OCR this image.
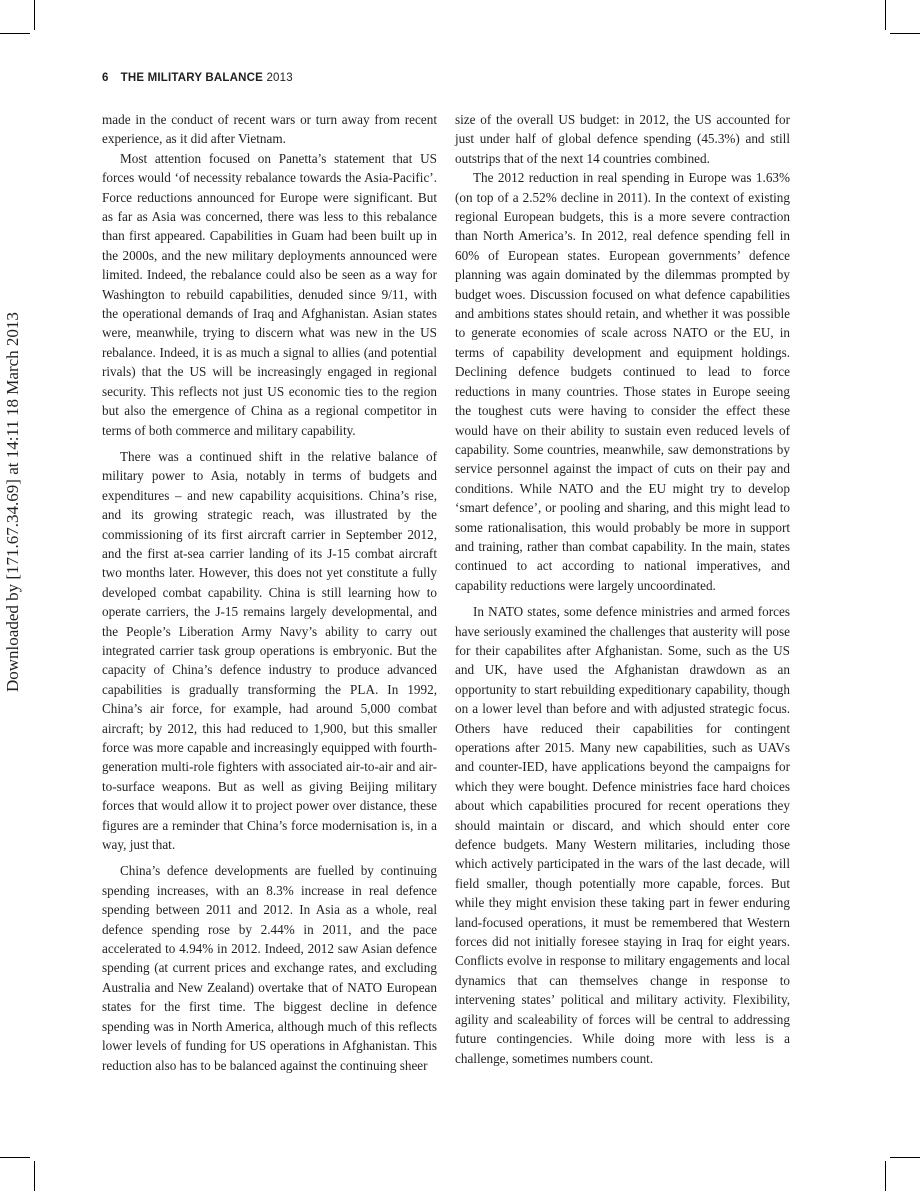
6 THE MILITARY BALANCE 2013
Downloaded by [171.67.34.69] at 14:11 18 March 2013

made in the conduct of recent wars or turn away from recent experience, as it did after Vietnam.

Most attention focused on Panetta’s statement that US forces would ‘of necessity rebalance towards the Asia-Pacific’. Force reductions announced for Europe were significant. But as far as Asia was concerned, there was less to this rebalance than first appeared. Capabilities in Guam had been built up in the 2000s, and the new military deployments announced were limited. Indeed, the rebalance could also be seen as a way for Washington to rebuild capabilities, denuded since 9/11, with the operational demands of Iraq and Afghanistan. Asian states were, meanwhile, trying to discern what was new in the US rebalance. Indeed, it is as much a signal to allies (and potential rivals) that the US will be increasingly engaged in regional security. This reflects not just US economic ties to the region but also the emergence of China as a regional competitor in terms of both commerce and military capability.

There was a continued shift in the relative balance of military power to Asia, notably in terms of budgets and expenditures – and new capability acquisitions. China’s rise, and its growing strategic reach, was illustrated by the commissioning of its first aircraft carrier in September 2012, and the first at-sea carrier landing of its J-15 combat aircraft two months later. However, this does not yet constitute a fully developed combat capability. China is still learning how to operate carriers, the J-15 remains largely developmental, and the People’s Liberation Army Navy’s ability to carry out integrated carrier task group operations is embryonic. But the capacity of China’s defence industry to produce advanced capabilities is gradually transforming the PLA. In 1992, China’s air force, for example, had around 5,000 combat aircraft; by 2012, this had reduced to 1,900, but this smaller force was more capable and increasingly equipped with fourth-generation multi-role fighters with associated air-to-air and air-to-surface weapons. But as well as giving Beijing military forces that would allow it to project power over distance, these figures are a reminder that China’s force modernisation is, in a way, just that.

China’s defence developments are fuelled by continuing spending increases, with an 8.3% increase in real defence spending between 2011 and 2012. In Asia as a whole, real defence spending rose by 2.44% in 2011, and the pace accelerated to 4.94% in 2012. Indeed, 2012 saw Asian defence spending (at current prices and exchange rates, and excluding Australia and New Zealand) overtake that of NATO European states for the first time. The biggest decline in defence spending was in North America, although much of this reflects lower levels of funding for US operations in Afghanistan. This reduction also has to be balanced against the continuing sheer

size of the overall US budget: in 2012, the US accounted for just under half of global defence spending (45.3%) and still outstrips that of the next 14 countries combined.

The 2012 reduction in real spending in Europe was 1.63% (on top of a 2.52% decline in 2011). In the context of existing regional European budgets, this is a more severe contraction than North America’s. In 2012, real defence spending fell in 60% of European states. European governments’ defence planning was again dominated by the dilemmas prompted by budget woes. Discussion focused on what defence capabilities and ambitions states should retain, and whether it was possible to generate economies of scale across NATO or the EU, in terms of capability development and equipment holdings. Declining defence budgets continued to lead to force reductions in many countries. Those states in Europe seeing the toughest cuts were having to consider the effect these would have on their ability to sustain even reduced levels of capability. Some countries, meanwhile, saw demonstrations by service personnel against the impact of cuts on their pay and conditions. While NATO and the EU might try to develop ‘smart defence’, or pooling and sharing, and this might lead to some rationalisation, this would probably be more in support and training, rather than combat capability. In the main, states continued to act according to national imperatives, and capability reductions were largely uncoordinated.

In NATO states, some defence ministries and armed forces have seriously examined the challenges that austerity will pose for their capabilites after Afghanistan. Some, such as the US and UK, have used the Afghanistan drawdown as an opportunity to start rebuilding expeditionary capability, though on a lower level than before and with adjusted strategic focus. Others have reduced their capabilities for contingent operations after 2015. Many new capabilities, such as UAVs and counter-IED, have applications beyond the campaigns for which they were bought. Defence ministries face hard choices about which capabilities procured for recent operations they should maintain or discard, and which should enter core defence budgets. Many Western militaries, including those which actively participated in the wars of the last decade, will field smaller, though potentially more capable, forces. But while they might envision these taking part in fewer enduring land-focused operations, it must be remembered that Western forces did not initially foresee staying in Iraq for eight years. Conflicts evolve in response to military engagements and local dynamics that can themselves change in response to intervening states’ political and military activity. Flexibility, agility and scaleability of forces will be central to addressing future contingencies. While doing more with less is a challenge, sometimes numbers count.
